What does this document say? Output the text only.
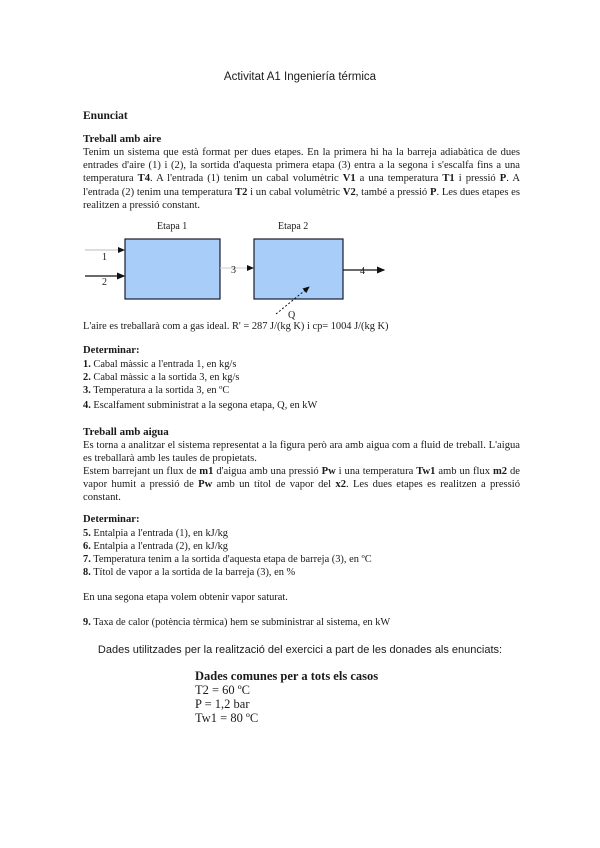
Activitat A1 Ingeniería térmica
Enunciat
Treball amb aire
Tenim un sistema que està format per dues etapes. En la primera hi ha la barreja adiabàtica de dues entrades d'aire (1) i (2), la sortida d'aquesta primera etapa (3) entra a la segona i s'escalfa fins a una temperatura T4. A l'entrada (1) tenim un cabal volumètric V1 a una temperatura T1 i pressió P. A l'entrada (2) tenim una temperatura T2 i un cabal volumètric V2, també a pressió P. Les dues etapes es realitzen a pressió constant.
Etapa 1	Etapa 2
1
2
3	4
Q
L'aire es treballarà com a gas ideal. R' = 287 J/(kg K) i cp= 1004 J/(kg K)
Determinar:
1. Cabal màssic a l'entrada 1, en kg/s
2. Cabal màssic a la sortida 3, en kg/s
3. Temperatura a la sortida 3, en ºC
4. Escalfament subministrat a la segona etapa, Q, en kW
Treball amb aigua
Es torna a analitzar el sistema representat a la figura però ara amb aigua com a fluid de treball. L'aigua es treballarà amb les taules de propietats.
Estem barrejant un flux de m1 d'aigua amb una pressió Pw i una temperatura Tw1 amb un flux m2 de vapor humit a pressió de Pw amb un títol de vapor del x2. Les dues etapes es realitzen a pressió constant.
Determinar:
5. Entalpia a l'entrada (1), en kJ/kg
6. Entalpia a l'entrada (2), en kJ/kg
7. Temperatura tenim a la sortida d'aquesta etapa de barreja (3), en ºC
8. Títol de vapor a la sortida de la barreja (3), en %
En una segona etapa volem obtenir vapor saturat.
9. Taxa de calor (potència tèrmica) hem se subministrar al sistema, en kW
Dades utilitzades per la realització del exercici a part de les donades als enunciats:
Dades comunes per a tots els casos
T2 = 60 ºC
P = 1,2 bar
Tw1 = 80 ºC
